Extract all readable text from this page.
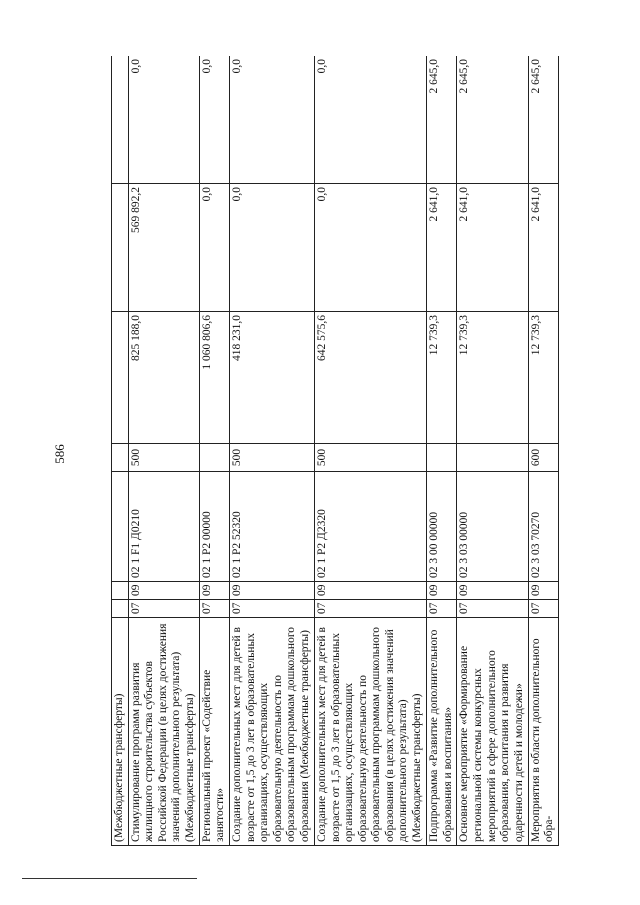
586
(Межбюджетные трансферты)							
Стимулирование программ развития жилищного строительства субъектов Российской Федерации (в целях достижения значений дополнительного результата) (Межбюджетные трансферты)	07	09	02 1 F1 Д0210	500	825 188,0	569 892,2	0,0
Региональный проект «Содействие занятости»	07	09	02 1 P2 00000		1 060 806,6	0,0	0,0
Создание дополнительных мест для детей в возрасте от 1,5 до 3 лет в образовательных организациях, осуществляющих образовательную деятельность по образовательным программам дошкольного образования (Межбюджетные трансферты)	07	09	02 1 P2 52320	500	418 231,0	0,0	0,0
Создание дополнительных мест для детей в возрасте от 1,5 до 3 лет в образовательных организациях, осуществляющих образовательную деятельность по образовательным программам дошкольного образования (в целях достижения значений дополнительного результата) (Межбюджетные трансферты)	07	09	02 1 P2 Д2320	500	642 575,6	0,0	0,0
Подпрограмма «Развитие дополнительного образования и воспитания»	07	09	02 3 00 00000		12 739,3	2 641,0	2 645,0
Основное мероприятие «Формирование региональной системы конкурсных мероприятий в сфере дополнительного образования, воспитания и развития одаренности детей и молодежи»	07	09	02 3 03 00000		12 739,3	2 641,0	2 645,0
Мероприятия в области дополнительного обра-	07	09	02 3 03 70270	600	12 739,3	2 641,0	2 645,0
